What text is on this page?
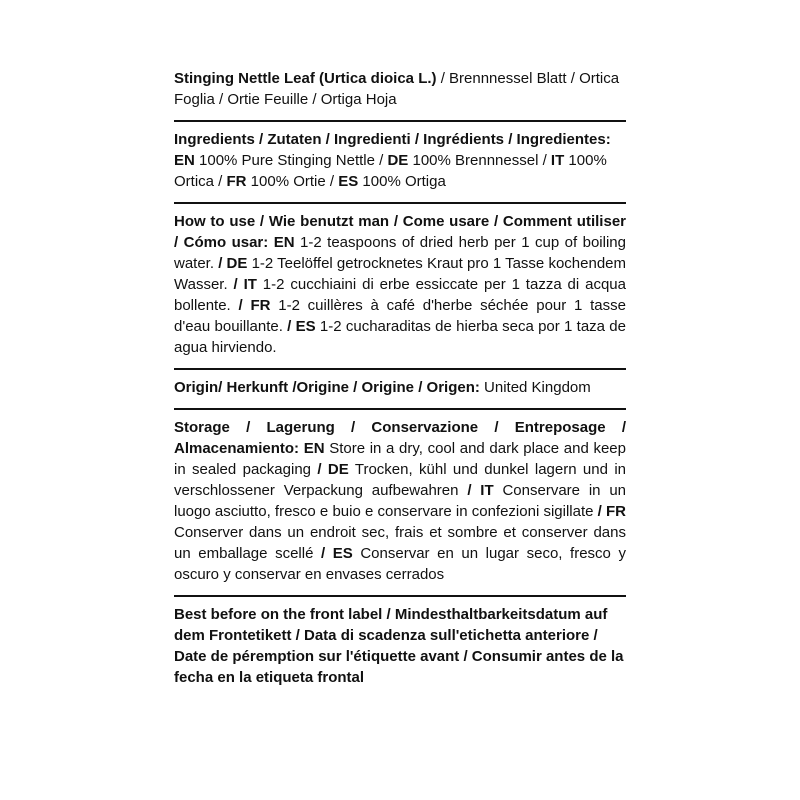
Stinging Nettle Leaf (Urtica dioica L.) / Brennnessel Blatt / Ortica Foglia / Ortie Feuille / Ortiga Hoja
Ingredients / Zutaten / Ingredienti / Ingrédients / Ingredientes:
EN 100% Pure Stinging Nettle / DE 100% Brennnessel / IT 100% Ortica / FR 100% Ortie / ES 100% Ortiga
How to use / Wie benutzt man / Come usare / Comment utiliser / Cómo usar: EN 1-2 teaspoons of dried herb per 1 cup of boiling water. / DE 1-2 Teelöffel getrocknetes Kraut pro 1 Tasse kochendem Wasser. / IT 1-2 cucchiaini di erbe essiccate per 1 tazza di acqua bollente. / FR 1-2 cuillères à café d'herbe séchée pour 1 tasse d'eau bouillante. / ES 1-2 cucharaditas de hierba seca por 1 taza de agua hirviendo.
Origin/ Herkunft /Origine / Origine / Origen: United Kingdom
Storage / Lagerung / Conservazione / Entreposage / Almacenamiento: EN Store in a dry, cool and dark place and keep in sealed packaging / DE Trocken, kühl und dunkel lagern und in verschlossener Verpackung aufbewahren / IT Conservare in un luogo asciutto, fresco e buio e conservare in confezioni sigillate / FR Conserver dans un endroit sec, frais et sombre et conserver dans un emballage scellé / ES Conservar en un lugar seco, fresco y oscuro y conservar en envases cerrados
Best before on the front label / Mindesthaltbarkeitsdatum auf dem Frontetikett / Data di scadenza sull'etichetta anteriore / Date de péremption sur l'étiquette avant / Consumir antes de la fecha en la etiqueta frontal
